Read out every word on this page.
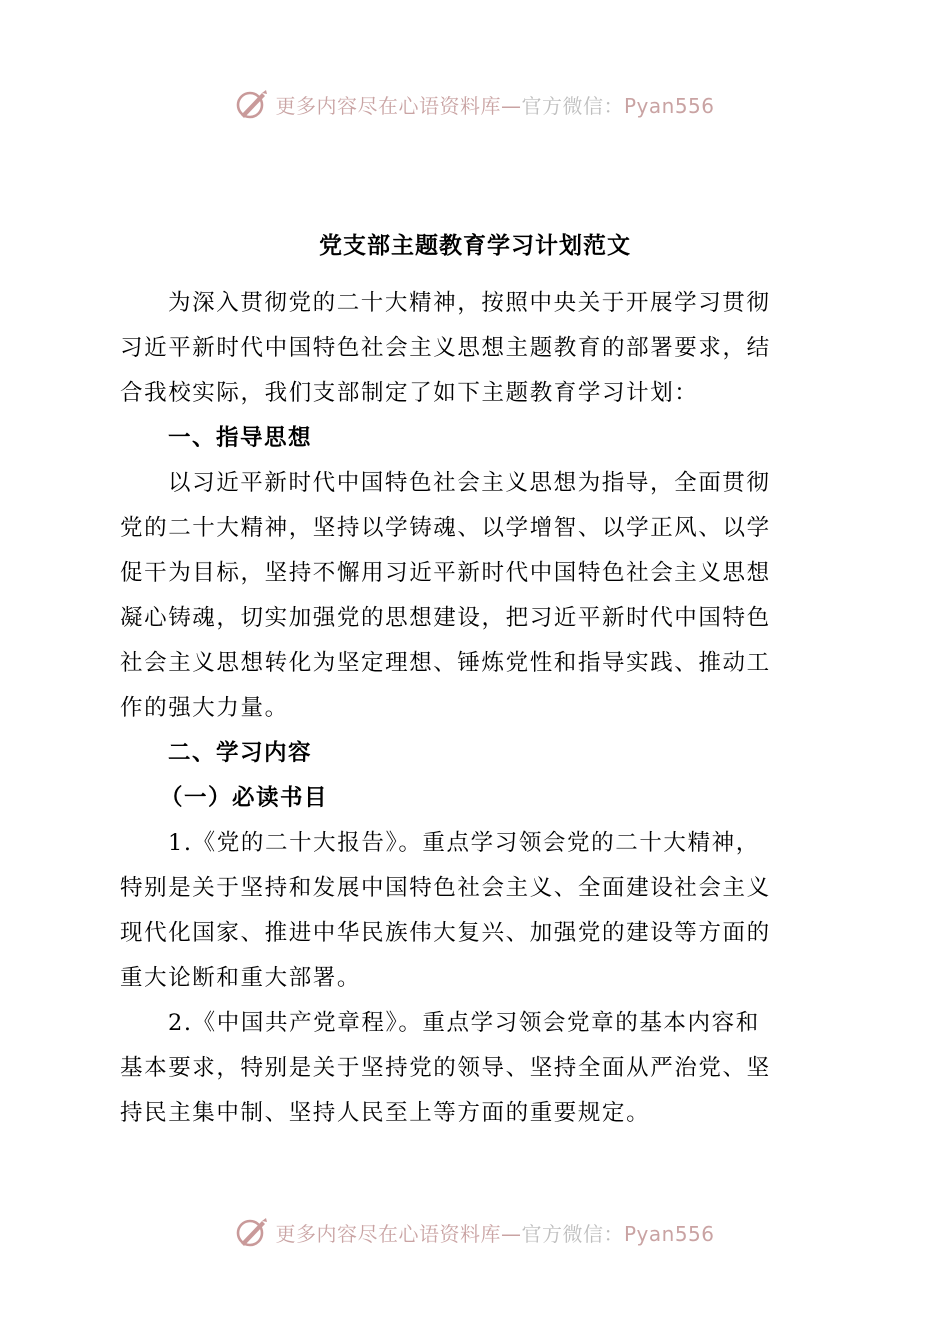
更多内容尽在心语资料库—官方微信：Pyan556
党支部主题教育学习计划范文
为深入贯彻党的二十大精神，按照中央关于开展学习贯彻
习近平新时代中国特色社会主义思想主题教育的部署要求，结
合我校实际，我们支部制定了如下主题教育学习计划：
一、指导思想
以习近平新时代中国特色社会主义思想为指导，全面贯彻
党的二十大精神，坚持以学铸魂、以学增智、以学正风、以学
促干为目标，坚持不懈用习近平新时代中国特色社会主义思想
凝心铸魂，切实加强党的思想建设，把习近平新时代中国特色
社会主义思想转化为坚定理想、锤炼党性和指导实践、推动工
作的强大力量。
二、学习内容
（一）必读书目
1.《党的二十大报告》。重点学习领会党的二十大精神，
特别是关于坚持和发展中国特色社会主义、全面建设社会主义
现代化国家、推进中华民族伟大复兴、加强党的建设等方面的
重大论断和重大部署。
2.《中国共产党章程》。重点学习领会党章的基本内容和
基本要求，特别是关于坚持党的领导、坚持全面从严治党、坚
持民主集中制、坚持人民至上等方面的重要规定。
更多内容尽在心语资料库—官方微信：Pyan556
